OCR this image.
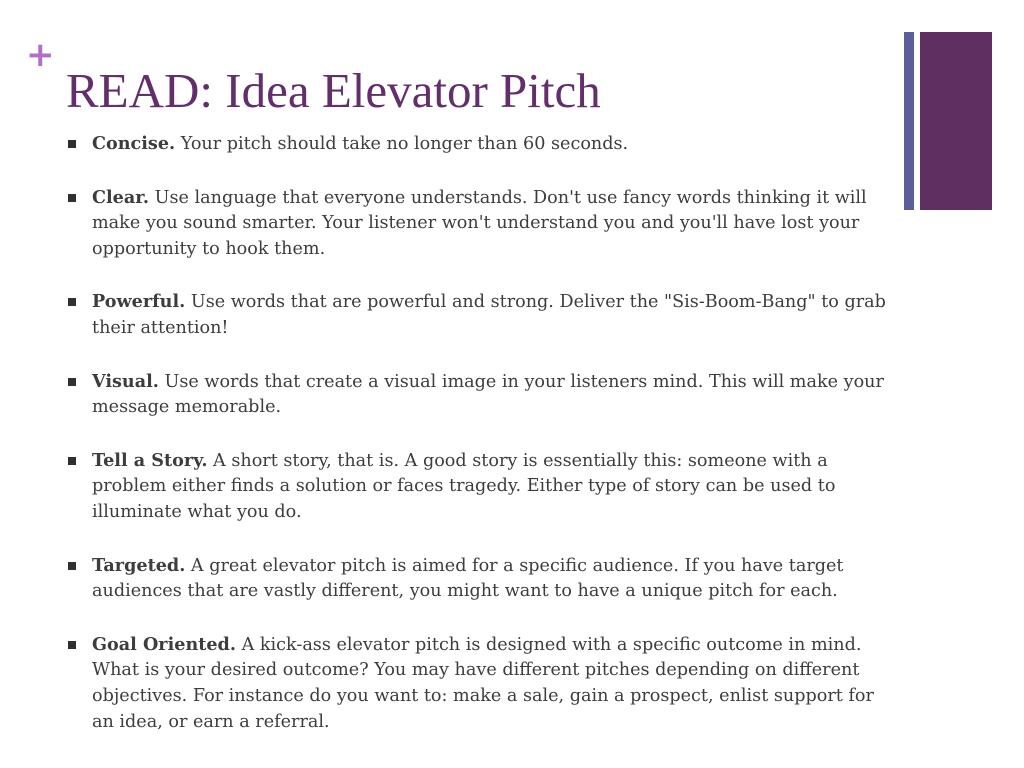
+
READ: Idea Elevator Pitch
Concise. Your pitch should take no longer than 60 seconds.
Clear. Use language that everyone understands. Don't use fancy words thinking it will make you sound smarter. Your listener won't understand you and you'll have lost your opportunity to hook them.
Powerful. Use words that are powerful and strong. Deliver the "Sis-Boom-Bang" to grab their attention!
Visual. Use words that create a visual image in your listeners mind. This will make your message memorable.
Tell a Story. A short story, that is. A good story is essentially this: someone with a problem either finds a solution or faces tragedy. Either type of story can be used to illuminate what you do.
Targeted. A great elevator pitch is aimed for a specific audience. If you have target audiences that are vastly different, you might want to have a unique pitch for each.
Goal Oriented. A kick-ass elevator pitch is designed with a specific outcome in mind. What is your desired outcome? You may have different pitches depending on different objectives. For instance do you want to: make a sale, gain a prospect, enlist support for an idea, or earn a referral.
